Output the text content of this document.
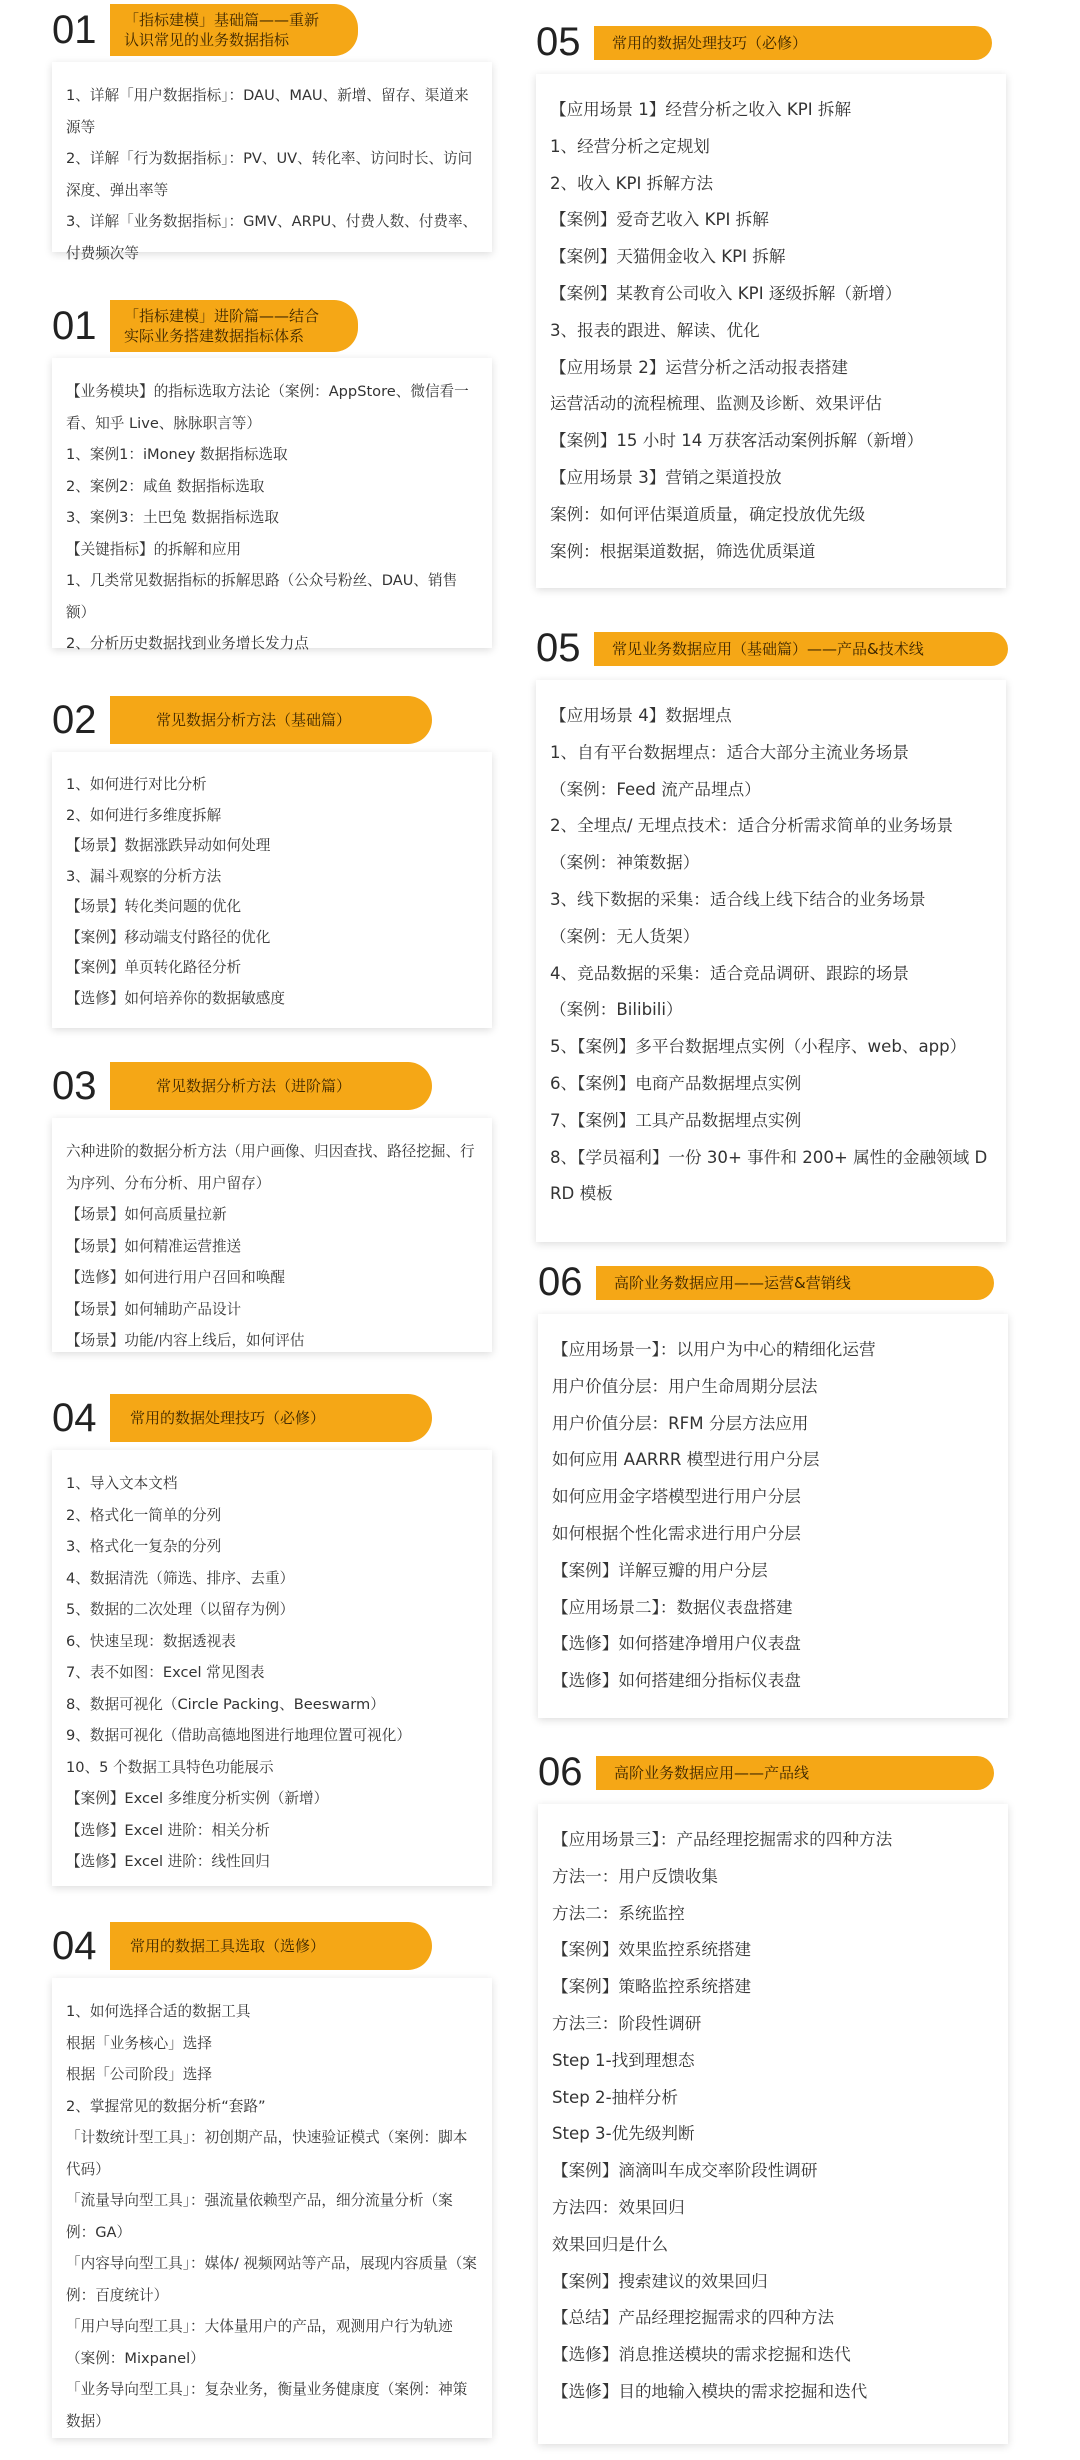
01 「指标建模」基础篇——重新认识常见的业务数据指标
1、详解「用户数据指标」：DAU、MAU、新增、留存、渠道来源等
2、详解「行为数据指标」：PV、UV、转化率、访问时长、访问深度、弹出率等
3、详解「业务数据指标」：GMV、ARPU、付费人数、付费率、付费频次等
01 「指标建模」进阶篇——结合实际业务搭建数据指标体系
【业务模块】的指标选取方法论（案例：AppStore、微信看一看、知乎 Live、脉脉职言等）
1、案例1：iMoney 数据指标选取
2、案例2：咸鱼 数据指标选取
3、案例3：土巴兔 数据指标选取
【关键指标】的拆解和应用
1、几类常见数据指标的拆解思路（公众号粉丝、DAU、销售额）
2、分析历史数据找到业务增长发力点
02	常见数据分析方法（基础篇）
1、如何进行对比分析
2、如何进行多维度拆解
【场景】数据涨跌异动如何处理
3、漏斗观察的分析方法
【场景】转化类问题的优化
【案例】移动端支付路径的优化
【案例】单页转化路径分析
【选修】如何培养你的数据敏感度
03	常见数据分析方法（进阶篇）
六种进阶的数据分析方法（用户画像、归因查找、路径挖掘、行为序列、分布分析、用户留存）
【场景】如何高质量拉新
【场景】如何精准运营推送
【选修】如何进行用户召回和唤醒
【场景】如何辅助产品设计
【场景】功能/内容上线后，如何评估
04 常用的数据处理技巧（必修）
1、导入文本文档
2、格式化一简单的分列
3、格式化一复杂的分列
4、数据清洗（筛选、排序、去重）
5、数据的二次处理（以留存为例）
6、快速呈现：数据透视表
7、表不如图：Excel 常见图表
8、数据可视化（Circle Packing、Beeswarm）
9、数据可视化（借助高德地图进行地理位置可视化）
10、5 个数据工具特色功能展示
【案例】Excel 多维度分析实例（新增）
【选修】Excel 进阶：相关分析
【选修】Excel 进阶：线性回归
04 常用的数据工具选取（选修）
1、如何选择合适的数据工具
根据「业务核心」选择
根据「公司阶段」选择
2、掌握常见的数据分析“套路”
「计数统计型工具」：初创期产品，快速验证模式（案例：脚本代码）
「流量导向型工具」：强流量依赖型产品，细分流量分析（案例：GA）
「内容导向型工具」：媒体/ 视频网站等产品，展现内容质量（案例：百度统计）
「用户导向型工具」：大体量用户的产品，观测用户行为轨迹（案例：Mixpanel）
「业务导向型工具」：复杂业务，衡量业务健康度（案例：神策数据）
05 常用的数据处理技巧（必修）
【应用场景 1】经营分析之收入 KPI 拆解
1、经营分析之定规划
2、收入 KPI 拆解方法
【案例】爱奇艺收入 KPI 拆解
【案例】天猫佣金收入 KPI 拆解
【案例】某教育公司收入 KPI 逐级拆解（新增）
3、报表的跟进、解读、优化
【应用场景 2】运营分析之活动报表搭建
运营活动的流程梳理、监测及诊断、效果评估
【案例】15 小时 14 万获客活动案例拆解（新增）
【应用场景 3】营销之渠道投放
案例：如何评估渠道质量，确定投放优先级
案例：根据渠道数据，筛选优质渠道
05 常见业务数据应用（基础篇）——产品&技术线
【应用场景 4】数据埋点
1、自有平台数据埋点：适合大部分主流业务场景
（案例：Feed 流产品埋点）
2、全埋点/ 无埋点技术：适合分析需求简单的业务场景
（案例：神策数据）
3、线下数据的采集：适合线上线下结合的业务场景
（案例：无人货架）
4、竞品数据的采集：适合竞品调研、跟踪的场景
（案例：Bilibili）
5、【案例】多平台数据埋点实例（小程序、web、app）
6、【案例】电商产品数据埋点实例
7、【案例】工具产品数据埋点实例
8、【学员福利】一份 30+ 事件和 200+ 属性的金融领域 DRD 模板
06 高阶业务数据应用——运营&营销线
【应用场景一】：以用户为中心的精细化运营
用户价值分层：用户生命周期分层法
用户价值分层：RFM 分层方法应用
如何应用 AARRR 模型进行用户分层
如何应用金字塔模型进行用户分层
如何根据个性化需求进行用户分层
【案例】详解豆瓣的用户分层
【应用场景二】：数据仪表盘搭建
【选修】如何搭建净增用户仪表盘
【选修】如何搭建细分指标仪表盘
06 高阶业务数据应用——产品线
【应用场景三】：产品经理挖掘需求的四种方法
方法一：用户反馈收集
方法二：系统监控
【案例】效果监控系统搭建
【案例】策略监控系统搭建
方法三：阶段性调研
Step 1-找到理想态
Step 2-抽样分析
Step 3-优先级判断
【案例】滴滴叫车成交率阶段性调研
方法四：效果回归
效果回归是什么
【案例】搜索建议的效果回归
【总结】产品经理挖掘需求的四种方法
【选修】消息推送模块的需求挖掘和迭代
【选修】目的地输入模块的需求挖掘和迭代
